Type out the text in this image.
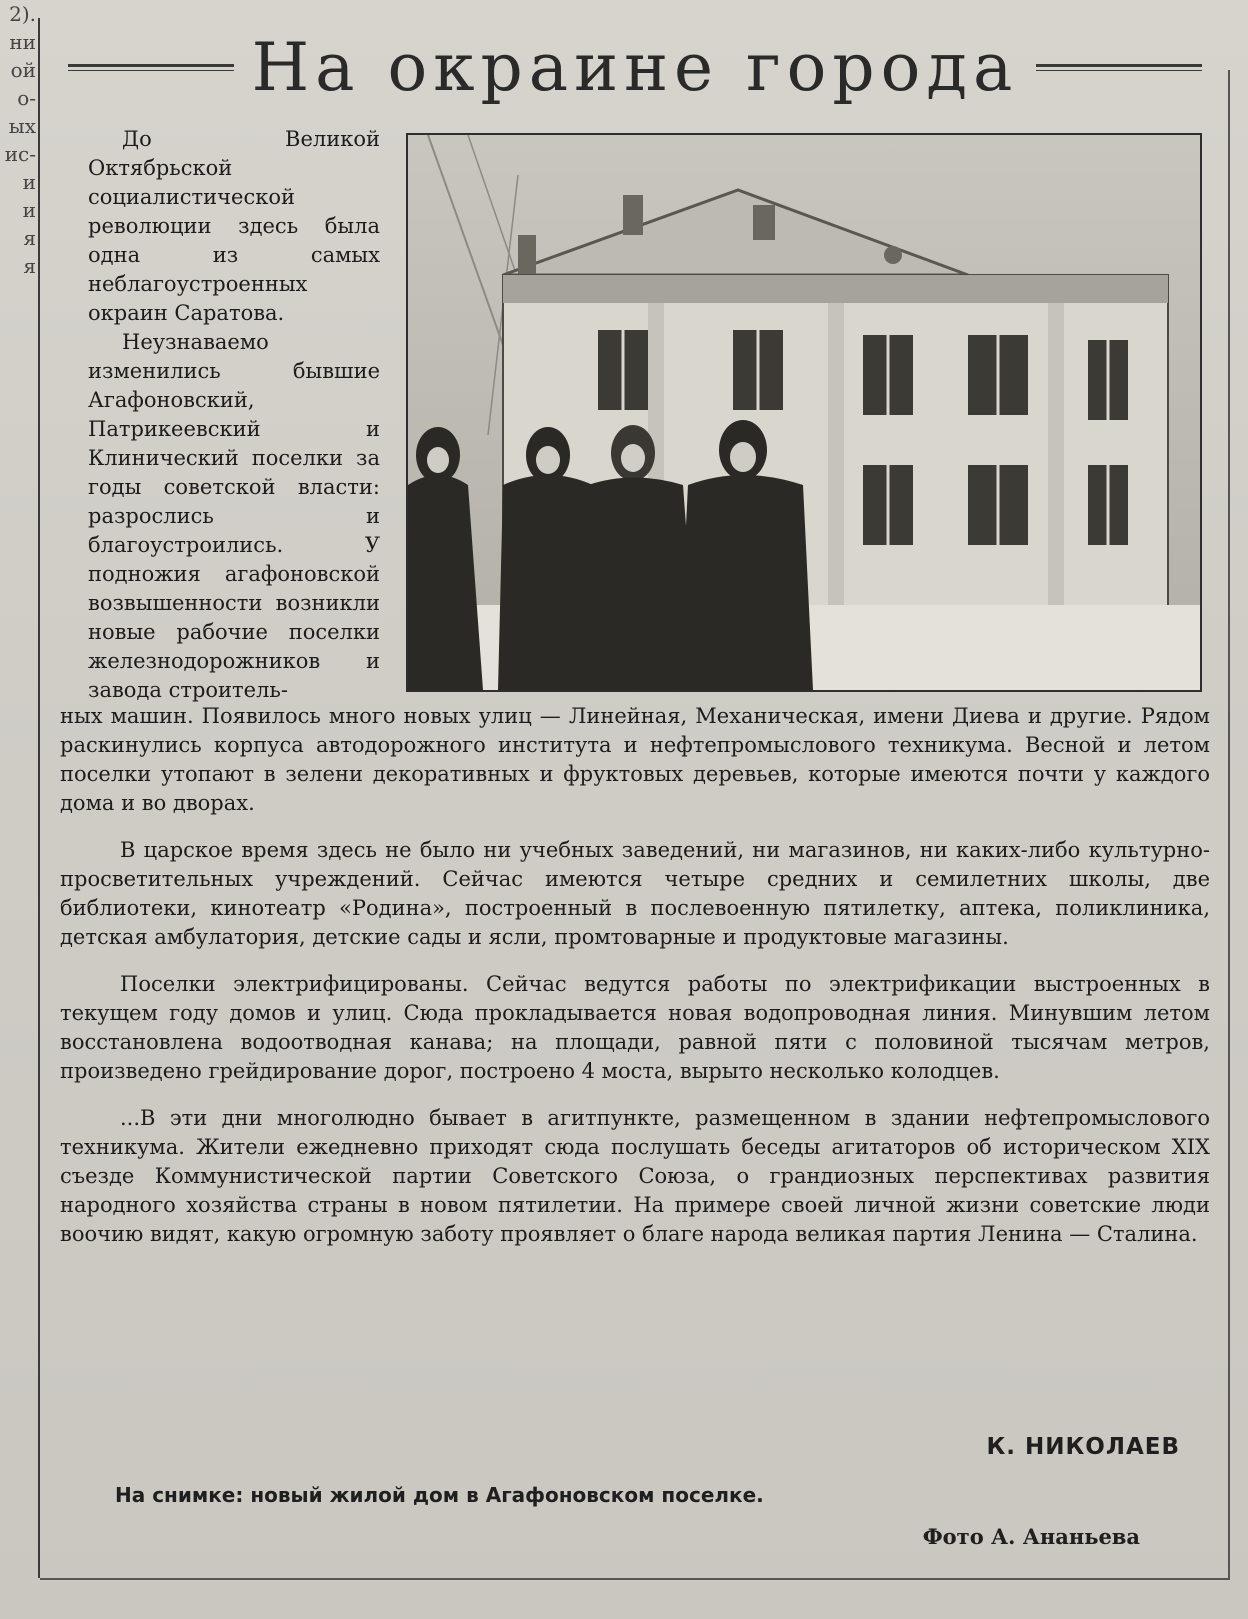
2).
ни
ой
о-
ых
ис-
и
и
я
я
На окраине города

До Великой Октябрьской социалистической революции здесь была одна из самых неблагоустроенных окраин Саратова.

Неузнаваемо изменились бывшие Агафоновский, Патрикеевский и Клинический поселки за годы советской власти: разрослись и благоустроились. У подножия агафоновской возвышенности возникли новые рабочие поселки железнодорожников и завода строитель-

ных машин. Появилось много новых улиц — Линейная, Механическая, имени Диева и другие. Рядом раскинулись корпуса автодорожного института и нефтепромыслового техникума. Весной и летом поселки утопают в зелени декоративных и фруктовых деревьев, которые имеются почти у каждого дома и во дворах.

В царское время здесь не было ни учебных заведений, ни магазинов, ни каких-либо культурно-просветительных учреждений. Сейчас имеются четыре средних и семилетних школы, две библиотеки, кинотеатр «Родина», построенный в послевоенную пятилетку, аптека, поликлиника, детская амбулатория, детские сады и ясли, промтоварные и продуктовые магазины.

Поселки электрифицированы. Сейчас ведутся работы по электрификации выстроенных в текущем году домов и улиц. Сюда прокладывается новая водопроводная линия. Минувшим летом восстановлена водоотводная канава; на площади, равной пяти с половиной тысячам метров, произведено грейдирование дорог, построено 4 моста, вырыто несколько колодцев.

...В эти дни многолюдно бывает в агитпункте, размещенном в здании нефтепромыслового техникума. Жители ежедневно приходят сюда послушать беседы агитаторов об историческом XIX съезде Коммунистической партии Советского Союза, о грандиозных перспективах развития народного хозяйства страны в новом пятилетии. На примере своей личной жизни советские люди воочию видят, какую огромную заботу проявляет о благе народа великая партия Ленина — Сталина.

К. НИКОЛАЕВ
На снимке: новый жилой дом в Агафоновском поселке.
Фото А. Ананьева
